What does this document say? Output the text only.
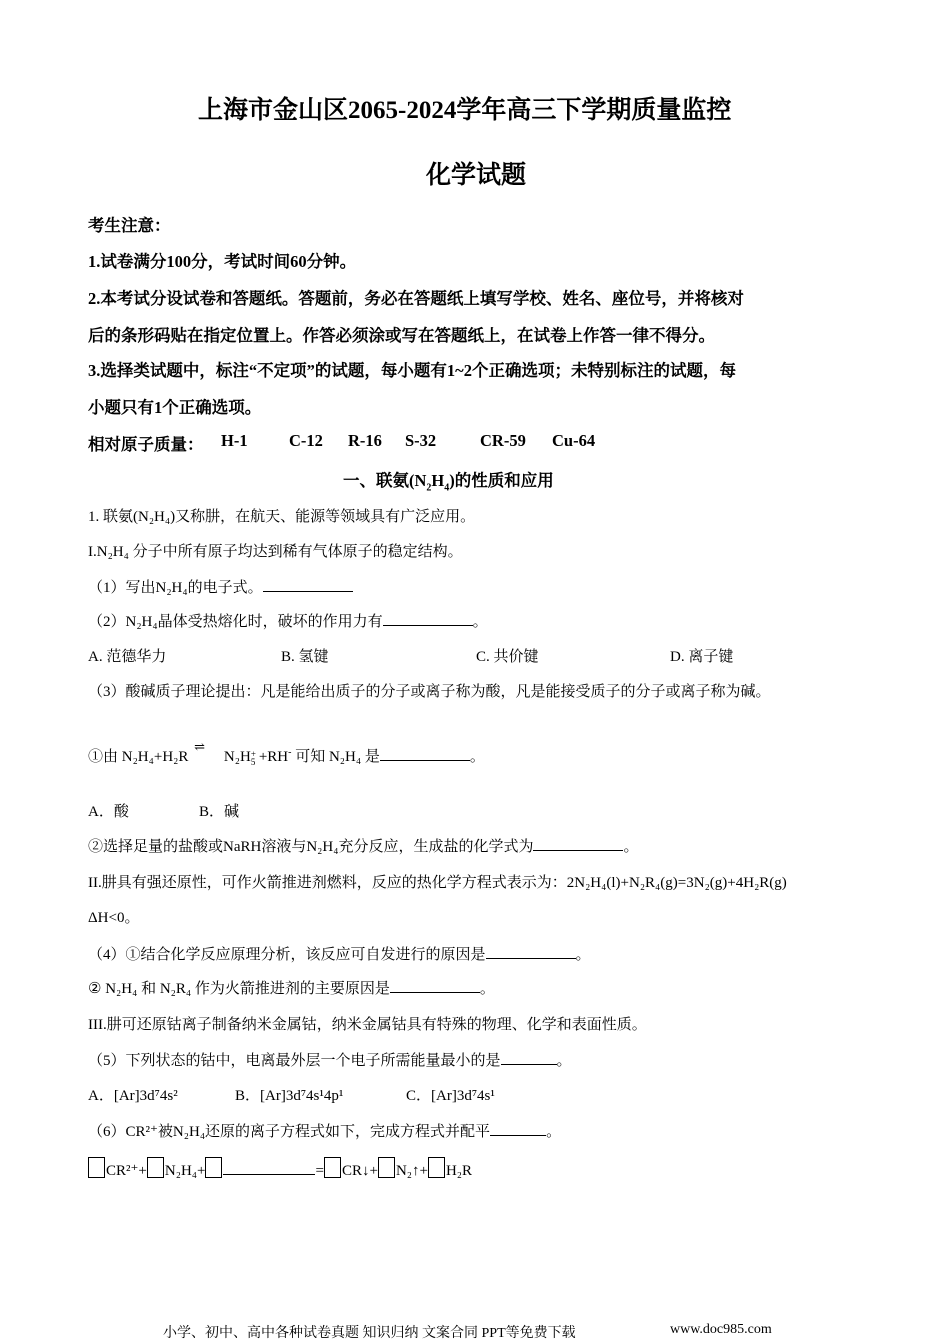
上海市金山区2065-2024学年高三下学期质量监控
化学试题
考生注意：
1.试卷满分100分，考试时间60分钟。
2.本考试分设试卷和答题纸。答题前，务必在答题纸上填写学校、姓名、座位号，并将核对
后的条形码贴在指定位置上。作答必须涂或写在答题纸上，在试卷上作答一律不得分。
3.选择类试题中，标注“不定项”的试题，每小题有1~2个正确选项；未特别标注的试题，每
小题只有1个正确选项。
相对原子质量： H-1	C-12 R-16 S-32	CR-59 Cu-64
一、联氨$(N_2H_4)$的性质和应用
1. 联氨(N₂H₄)又称肼，在航天、能源等领域具有广泛应用。
I.N₂H₄ 分子中所有原子均达到稀有气体原子的稳定结构。
（1）写出N₂H₄的电子式。
（2）N₂H₄晶体受热熔化时，破坏的作用力有	。
A. 范德华力	B. 氢键	C. 共价键	D. 离子键
（3）酸碱质子理论提出：凡是能给出质子的分子或离子称为酸，凡是能接受质子的分子或离子称为碱。
①由 N₂H₄+H₂R
⇌
N₂H +
5 +RH- 可知 N₂H₄ 是	。
A．酸	B．碱
②选择足量的盐酸或NaRH溶液与N₂H₄充分反应，生成盐的化学式为	。
II.肼具有强还原性，可作火箭推进剂燃料，反应的热化学方程式表示为：2N₂H₄(l)+N₂R₄(g)=3N₂(g)+4H₂R(g)
ΔH<0。
（4）①结合化学反应原理分析，该反应可自发进行的原因是	。
② N₂H₄ 和 N₂R₄ 作为火箭推进剂的主要原因是	。
III.肼可还原钴离子制备纳米金属钴，纳米金属钴具有特殊的物理、化学和表面性质。
（5）下列状态的钴中，电离最外层一个电子所需能量最小的是	。
A．[Ar]3d⁷4s²	B．[Ar]3d⁷4s¹4p¹	C．[Ar]3d⁷4s¹
（6）CR²⁺被N₂H₄还原的离子方程式如下，完成方程式并配平	。
CR²⁺+ N₂H₄+	= CR↓+ N₂↑+ H₂R
小学、初中、高中各种试卷真题 知识归纳 文案合同 PPT等免费下载	www.doc985.com
